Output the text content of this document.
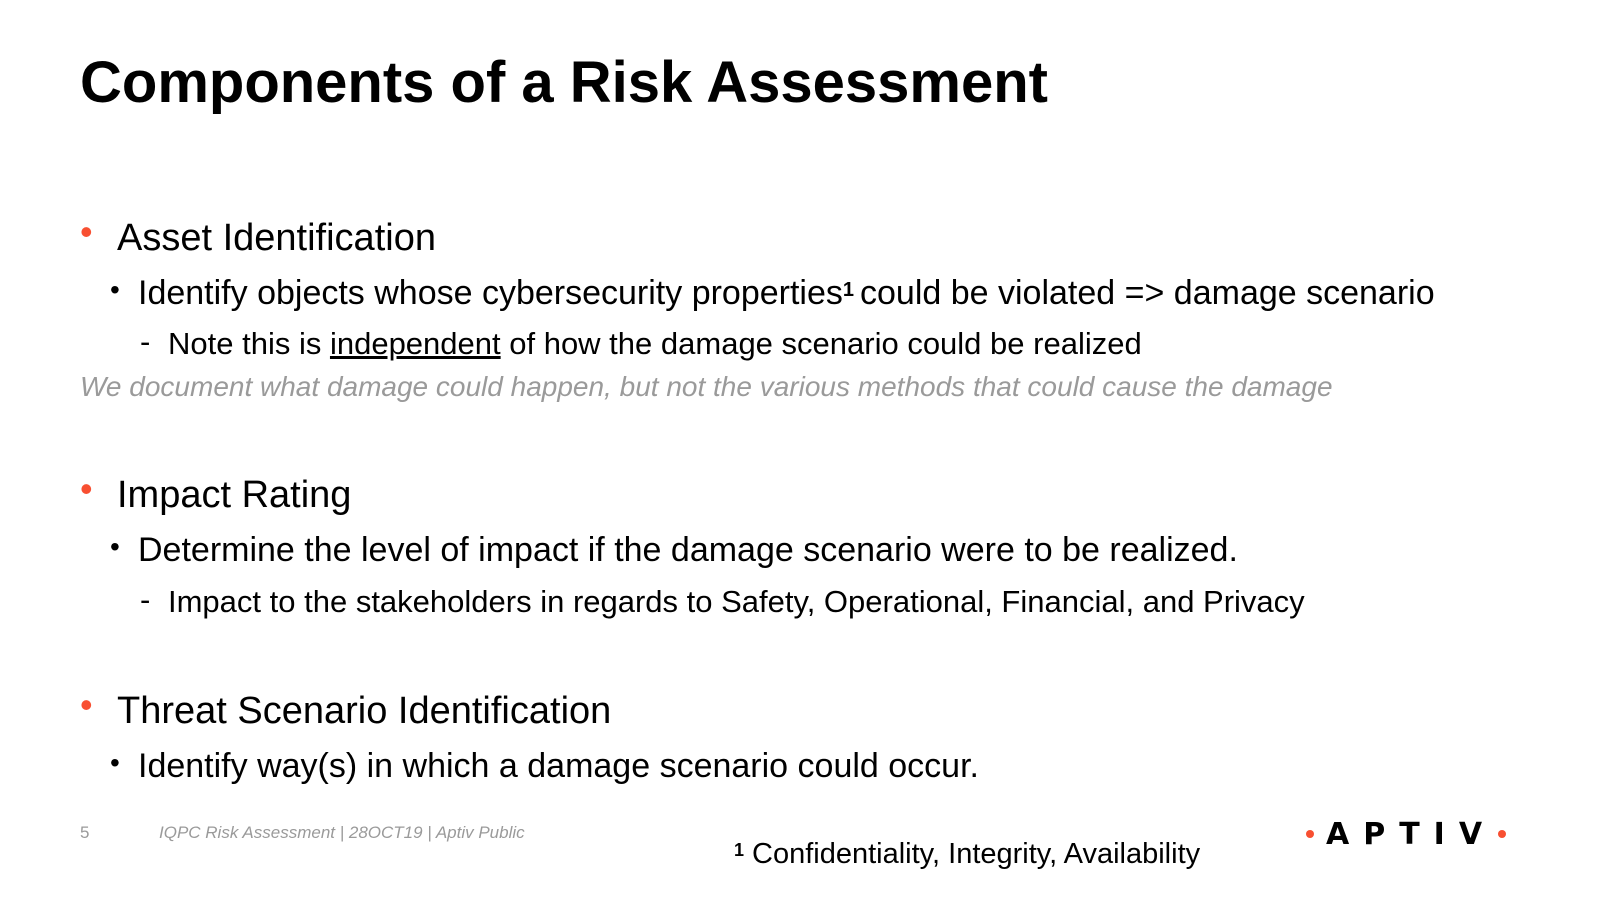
Components of a Risk Assessment
• Asset Identification
• Identify objects whose cybersecurity properties$^1$ could be violated => damage scenario
- Note this is independent of how the damage scenario could be realized
We document what damage could happen, but not the various methods that could cause the damage
• Impact Rating
• Determine the level of impact if the damage scenario were to be realized.
- Impact to the stakeholders in regards to Safety, Operational, Financial, and Privacy
• Threat Scenario Identification
• Identify way(s) in which a damage scenario could occur.
5	IQPC Risk Assessment | 28OCT19 | Aptiv Public
$^1$ Confidentiality, Integrity, Availability
APTIV
